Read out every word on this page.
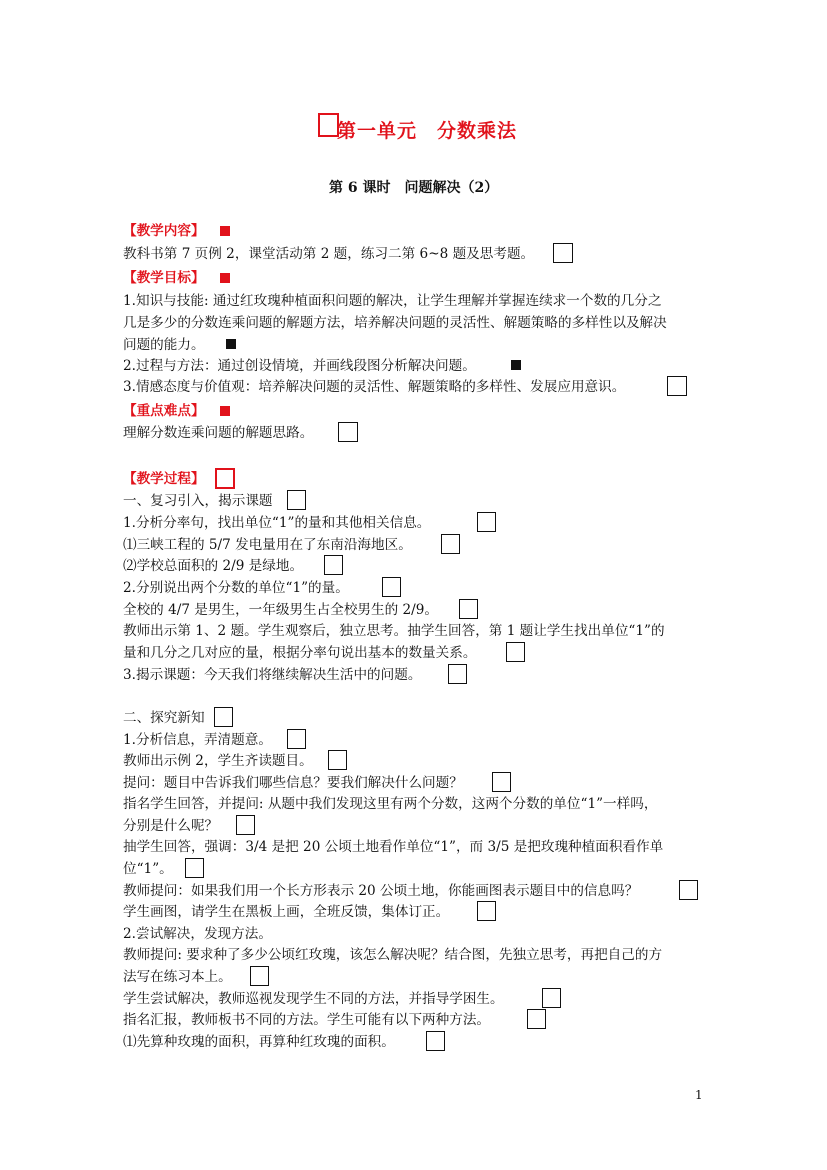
第一单元　分数乘法
第 6 课时　问题解决（2）
【教学内容】
教科书第 7 页例 2，课堂活动第 2 题，练习二第 6~8 题及思考题。
【教学目标】
1.知识与技能: 通过红玫瑰种植面积问题的解决，让学生理解并掌握连续求一个数的几分之
几是多少的分数连乘问题的解题方法，培养解决问题的灵活性、解题策略的多样性以及解决
问题的能力。
2.过程与方法：通过创设情境，并画线段图分析解决问题。
3.情感态度与价值观：培养解决问题的灵活性、解题策略的多样性、发展应用意识。
【重点难点】
理解分数连乘问题的解题思路。
【教学过程】
一、复习引入，揭示课题
1.分析分率句，找出单位“1”的量和其他相关信息。
⑴三峡工程的 5/7 发电量用在了东南沿海地区。
⑵学校总面积的 2/9 是绿地。
2.分别说出两个分数的单位“1”的量。
全校的 4/7 是男生，一年级男生占全校男生的 2/9。
教师出示第 1、2 题。学生观察后，独立思考。抽学生回答，第 1 题让学生找出单位“1”的
量和几分之几对应的量，根据分率句说出基本的数量关系。
3.揭示课题：今天我们将继续解决生活中的问题。
二、探究新知
1.分析信息，弄清题意。
教师出示例 2，学生齐读题目。
提问：题目中告诉我们哪些信息？要我们解决什么问题？
指名学生回答，并提问: 从题中我们发现这里有两个分数，这两个分数的单位“1”一样吗，
分别是什么呢？
抽学生回答，强调：3/4 是把 20 公顷土地看作单位“1”，而 3/5 是把玫瑰种植面积看作单
位“1”。
教师提问：如果我们用一个长方形表示 20 公顷土地，你能画图表示题目中的信息吗？
学生画图，请学生在黑板上画，全班反馈，集体订正。
2.尝试解决，发现方法。
教师提问: 要求种了多少公顷红玫瑰，该怎么解决呢？结合图，先独立思考，再把自己的方
法写在练习本上。
学生尝试解决，教师巡视发现学生不同的方法，并指导学困生。
指名汇报，教师板书不同的方法。学生可能有以下两种方法。
⑴先算种玫瑰的面积，再算种红玫瑰的面积。
1
